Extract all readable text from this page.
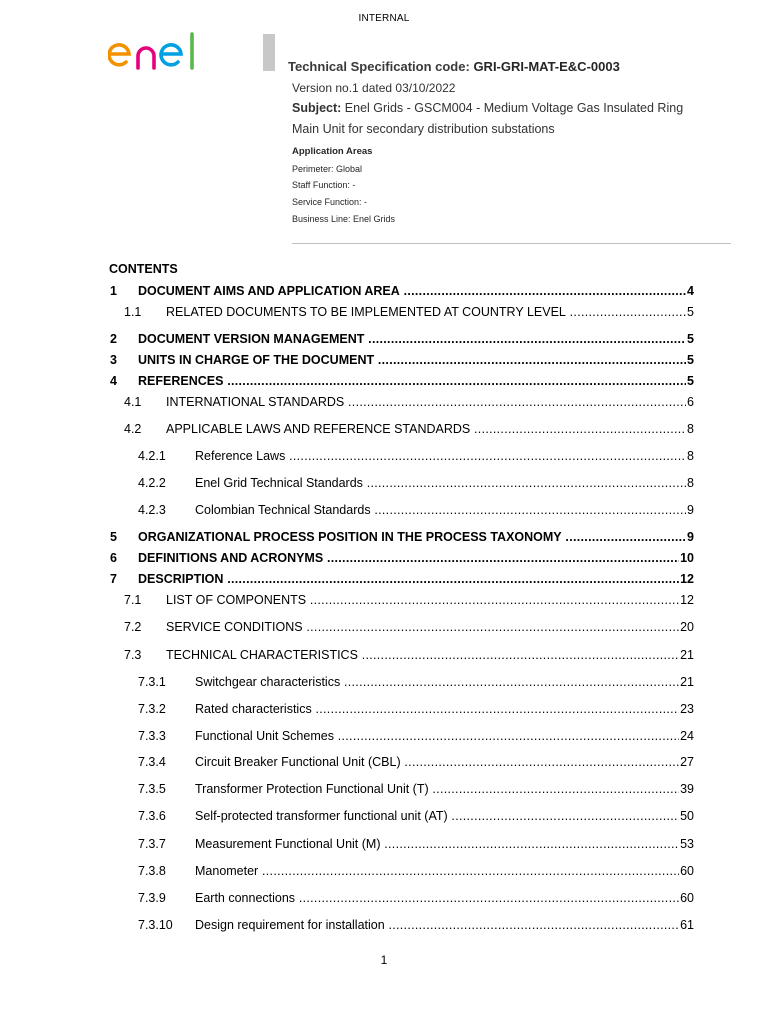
INTERNAL
Technical Specification code: GRI-GRI-MAT-E&C-0003
Version no.1 dated 03/10/2022
Subject: Enel Grids - GSCM004 - Medium Voltage Gas Insulated Ring Main Unit for secondary distribution substations
Application Areas
Perimeter: Global
Staff Function: -
Service Function: -
Business Line: Enel Grids
CONTENTS
1 DOCUMENT AIMS AND APPLICATION AREA .....	4
1.1 RELATED DOCUMENTS TO BE IMPLEMENTED AT COUNTRY LEVEL .....	5
2 DOCUMENT VERSION MANAGEMENT .....	5
3 UNITS IN CHARGE OF THE DOCUMENT .....	5
4 REFERENCES .....	5
4.1 INTERNATIONAL STANDARDS .....	6
4.2 APPLICABLE LAWS AND REFERENCE STANDARDS .....	8
4.2.1 Reference Laws .....	8
4.2.2 Enel Grid Technical Standards .....	8
4.2.3 Colombian Technical Standards .....	9
5 ORGANIZATIONAL PROCESS POSITION IN THE PROCESS TAXONOMY .....	9
6 DEFINITIONS AND ACRONYMS .....	10
7 DESCRIPTION .....	12
7.1 LIST OF COMPONENTS .....	12
7.2 SERVICE CONDITIONS .....	20
7.3 TECHNICAL CHARACTERISTICS .....	21
7.3.1 Switchgear characteristics .....	21
7.3.2 Rated characteristics .....	23
7.3.3 Functional Unit Schemes .....	24
7.3.4 Circuit Breaker Functional Unit (CBL) .....	27
7.3.5 Transformer Protection Functional Unit (T) .....	39
7.3.6 Self-protected transformer functional unit (AT) .....	50
7.3.7 Measurement Functional Unit (M) .....	53
7.3.8 Manometer .....	60
7.3.9 Earth connections .....	60
7.3.10 Design requirement for installation .....	61
1
